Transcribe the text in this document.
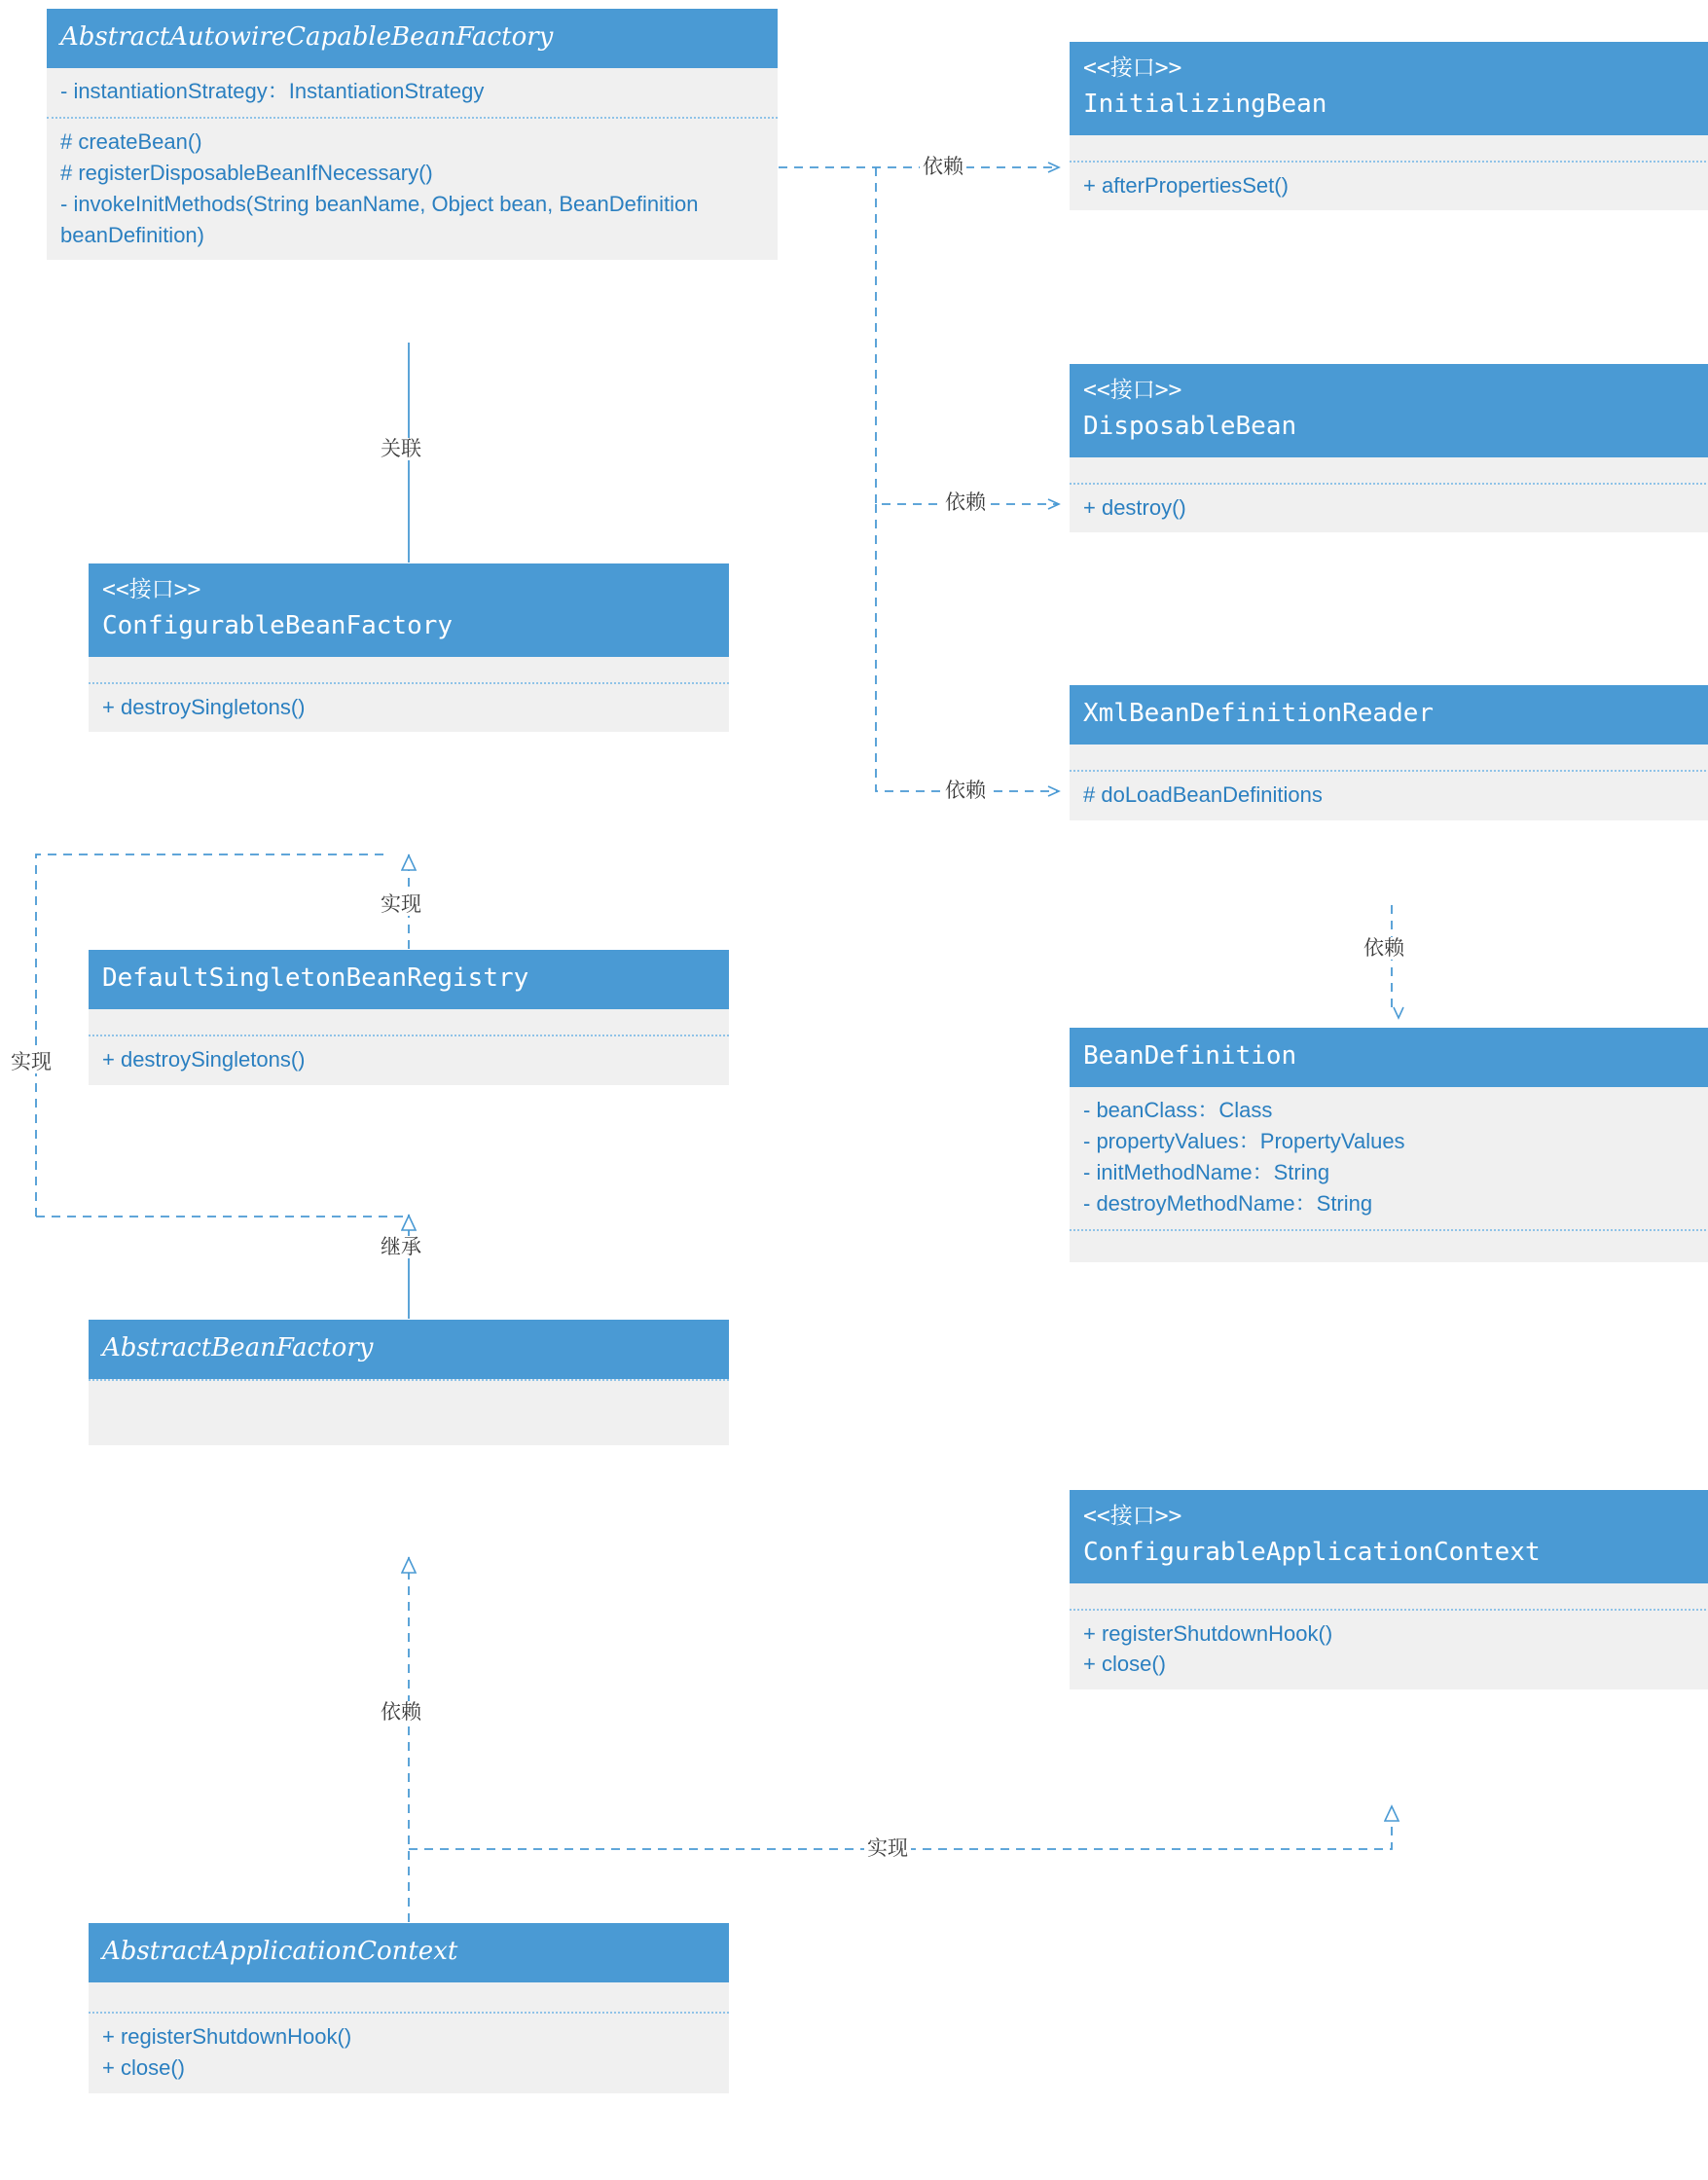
AbstractAutowireCapableBeanFactory
- instantiationStrategy：InstantiationStrategy
# createBean()
# registerDisposableBeanIfNecessary()
- invokeInitMethods(String beanName, Object bean, BeanDefinition beanDefinition)
<<接口>>
ConfigurableBeanFactory
+ destroySingletons()
DefaultSingletonBeanRegistry
+ destroySingletons()
AbstractBeanFactory
AbstractApplicationContext
+ registerShutdownHook()
+ close()
<<接口>>
InitializingBean
+ afterPropertiesSet()
<<接口>>
DisposableBean
+ destroy()
XmlBeanDefinitionReader
# doLoadBeanDefinitions
BeanDefinition
- beanClass：Class
- propertyValues：PropertyValues
- initMethodName：String
- destroyMethodName：String
<<接口>>
ConfigurableApplicationContext
+ registerShutdownHook()
+ close()
依赖
依赖
依赖
关联
实现
实现
继承
依赖
实现
依赖
